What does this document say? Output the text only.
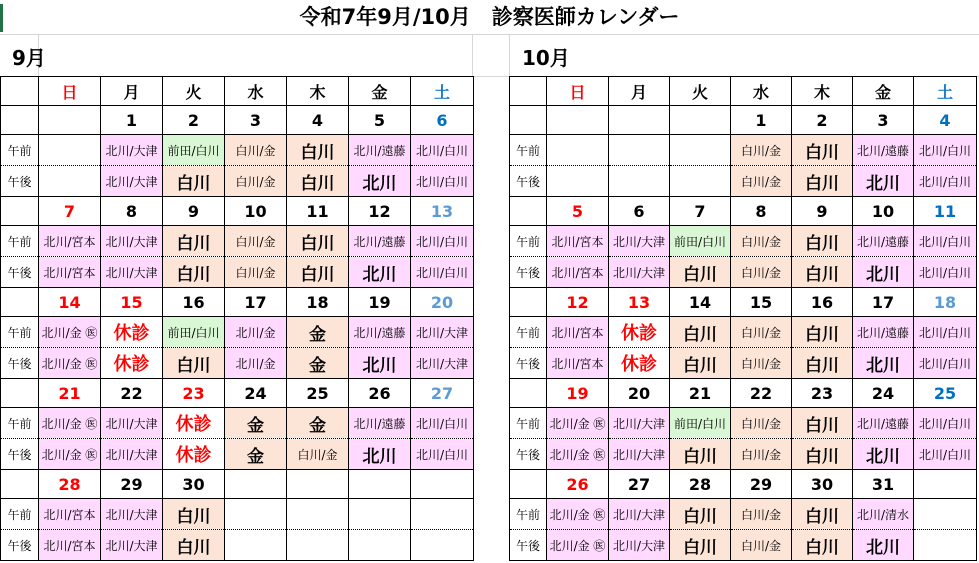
令和7年9月/10月　診察医師カレンダー
9月	10月
	日	月	火	水	木	金	土
		1	2	3	4	5	6
午前		北川/大津	前田/白川	白川/金	白川	北川/遠藤	北川/白川
午後		北川/大津	白川	白川/金	白川	北川	北川/白川
	7	8	9	10	11	12	13
午前	北川/宮本	北川/大津	白川	白川/金	白川	北川/遠藤	北川/白川
午後	北川/宮本	北川/大津	白川	白川/金	白川	北川	北川/白川
	14	15	16	17	18	19	20
午前	北川/金 ㊩	休診	前田/白川	北川/金	金	北川/遠藤	北川/大津
午後	北川/金 ㊩	休診	白川	北川/金	金	北川	北川/大津
	21	22	23	24	25	26	27
午前	北川/金 ㊩	北川/大津	休診	金	金	北川/遠藤	北川/白川
午後	北川/金 ㊩	北川/大津	休診	金	白川/金	北川	北川/白川
	28	29	30				
午前	北川/宮本	北川/大津	白川				
午後	北川/宮本	北川/大津	白川				
	日	月	火	水	木	金	土
				1	2	3	4
午前				白川/金	白川	北川/遠藤	北川/白川
午後				白川/金	白川	北川	北川/白川
	5	6	7	8	9	10	11
午前	北川/宮本	北川/大津	前田/白川	白川/金	白川	北川/遠藤	北川/白川
午後	北川/宮本	北川/大津	白川	白川/金	白川	北川	北川/白川
	12	13	14	15	16	17	18
午前	北川/宮本	休診	白川	白川/金	白川	北川/遠藤	北川/白川
午後	北川/宮本	休診	白川	白川/金	白川	北川	北川/白川
	19	20	21	22	23	24	25
午前	北川/金 ㊩	北川/大津	前田/白川	白川/金	白川	北川/遠藤	北川/白川
午後	北川/金 ㊩	北川/大津	白川	白川/金	白川	北川	北川/白川
	26	27	28	29	30	31	
午前	北川/金 ㊩	北川/大津	白川	白川/金	白川	北川/清水	
午後	北川/金 ㊩	北川/大津	白川	白川/金	白川	北川	
